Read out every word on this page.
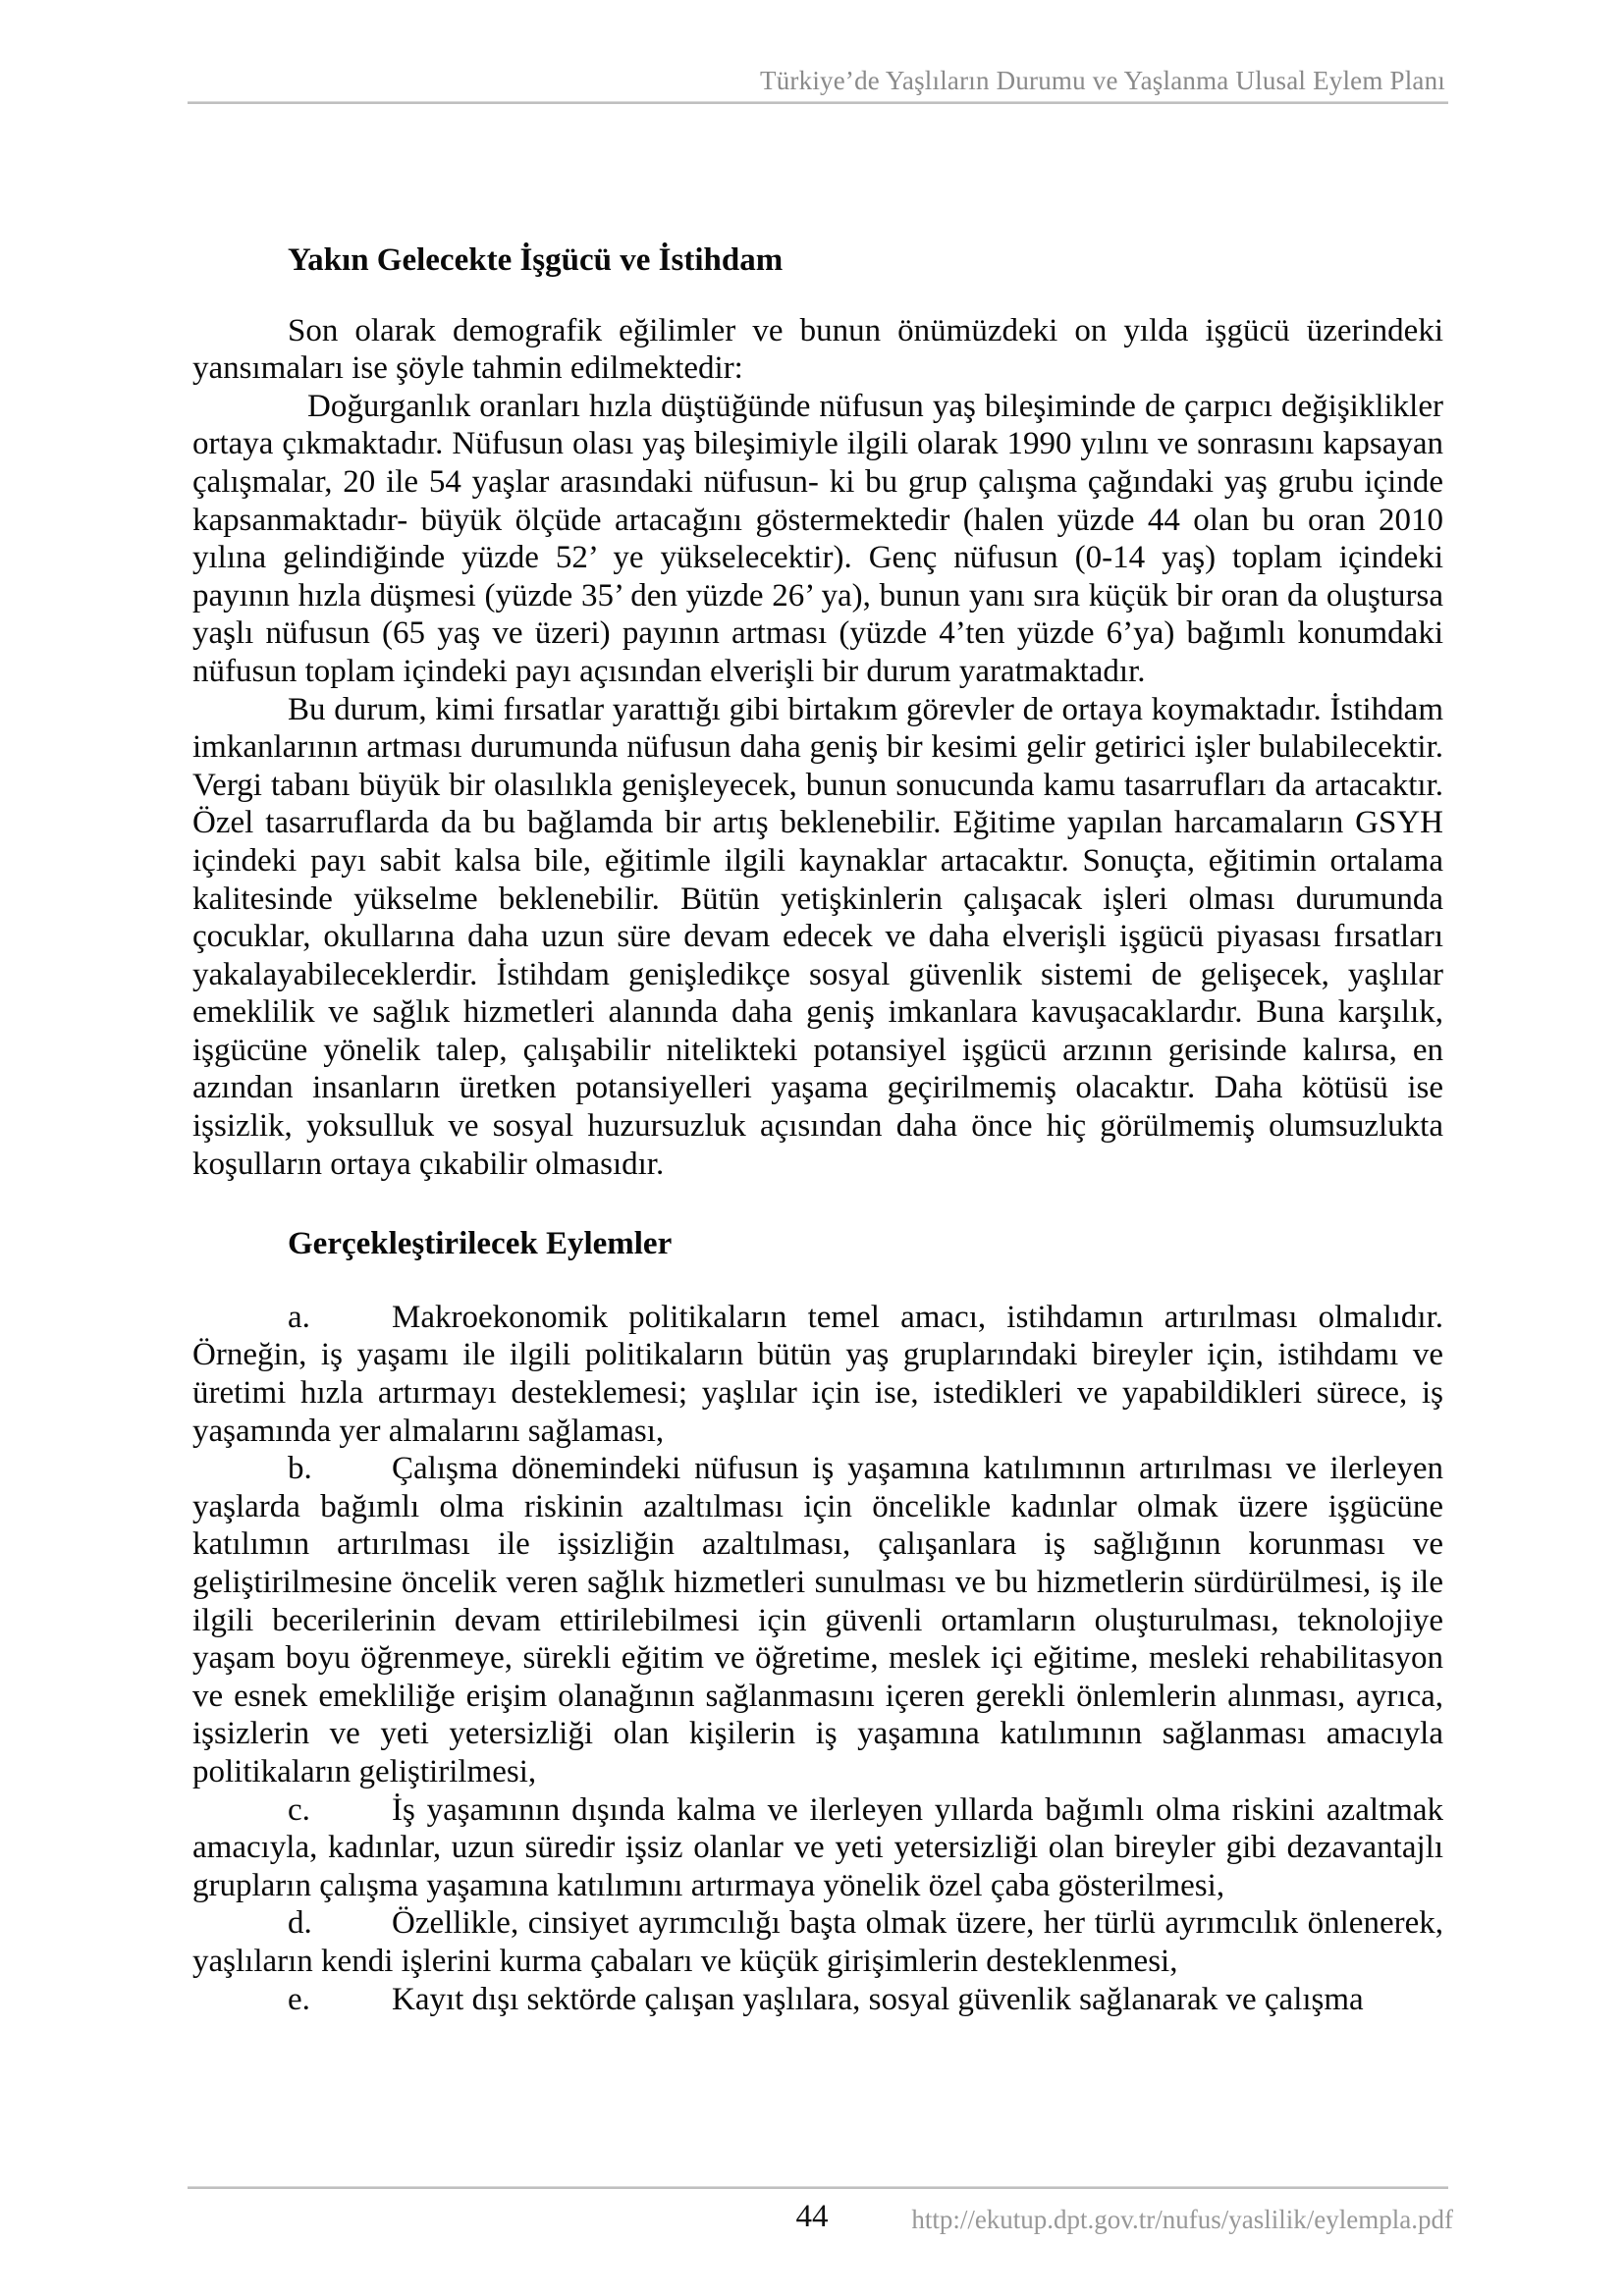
Türkiye’de Yaşlıların Durumu ve Yaşlanma Ulusal Eylem Planı
Yakın Gelecekte İşgücü ve İstihdam

Son olarak demografik eğilimler ve bunun önümüzdeki on yılda işgücü üzerindeki yansımaları ise şöyle tahmin edilmektedir:

Doğurganlık oranları hızla düştüğünde nüfusun yaş bileşiminde de çarpıcı değişiklikler ortaya çıkmaktadır. Nüfusun olası yaş bileşimiyle ilgili olarak 1990 yılını ve sonrasını kapsayan çalışmalar, 20 ile 54 yaşlar arasındaki nüfusun- ki bu grup çalışma çağındaki yaş grubu içinde kapsanmaktadır- büyük ölçüde artacağını göstermektedir (halen yüzde 44 olan bu oran 2010 yılına gelindiğinde yüzde 52’ ye yükselecektir). Genç nüfusun (0-14 yaş) toplam içindeki payının hızla düşmesi (yüzde 35’ den yüzde 26’ ya), bunun yanı sıra küçük bir oran da oluştursa yaşlı nüfusun (65 yaş ve üzeri) payının artması (yüzde 4’ten yüzde 6’ya) bağımlı konumdaki nüfusun toplam içindeki payı açısından elverişli bir durum yaratmaktadır.

Bu durum, kimi fırsatlar yarattığı gibi birtakım görevler de ortaya koymaktadır. İstihdam imkanlarının artması durumunda nüfusun daha geniş bir kesimi gelir getirici işler bulabilecektir. Vergi tabanı büyük bir olasılıkla genişleyecek, bunun sonucunda kamu tasarrufları da artacaktır. Özel tasarruflarda da bu bağlamda bir artış beklenebilir. Eğitime yapılan harcamaların GSYH içindeki payı sabit kalsa bile, eğitimle ilgili kaynaklar artacaktır. Sonuçta, eğitimin ortalama kalitesinde yükselme beklenebilir. Bütün yetişkinlerin çalışacak işleri olması durumunda çocuklar, okullarına daha uzun süre devam edecek ve daha elverişli işgücü piyasası fırsatları yakalayabileceklerdir. İstihdam genişledikçe sosyal güvenlik sistemi de gelişecek, yaşlılar emeklilik ve sağlık hizmetleri alanında daha geniş imkanlara kavuşacaklardır. Buna karşılık, işgücüne yönelik talep, çalışabilir nitelikteki potansiyel işgücü arzının gerisinde kalırsa, en azından insanların üretken potansiyelleri yaşama geçirilmemiş olacaktır. Daha kötüsü ise işsizlik, yoksulluk ve sosyal huzursuzluk açısından daha önce hiç görülmemiş olumsuzlukta koşulların ortaya çıkabilir olmasıdır.

Gerçekleştirilecek Eylemler

a.	Makroekonomik politikaların temel amacı, istihdamın artırılması olmalıdır. Örneğin, iş yaşamı ile ilgili politikaların bütün yaş gruplarındaki bireyler için, istihdamı ve üretimi hızla artırmayı desteklemesi; yaşlılar için ise, istedikleri ve yapabildikleri sürece, iş yaşamında yer almalarını sağlaması,

b. Çalışma dönemindeki nüfusun iş yaşamına katılımının artırılması ve ilerleyen yaşlarda bağımlı olma riskinin azaltılması için öncelikle kadınlar olmak üzere işgücüne katılımın artırılması ile işsizliğin azaltılması, çalışanlara iş sağlığının korunması ve geliştirilmesine öncelik veren sağlık hizmetleri sunulması ve bu hizmetlerin sürdürülmesi, iş ile ilgili becerilerinin devam ettirilebilmesi için güvenli ortamların oluşturulması, teknolojiye yaşam boyu öğrenmeye, sürekli eğitim ve öğretime, meslek içi eğitime, mesleki rehabilitasyon ve esnek emekliliğe erişim olanağının sağlanmasını içeren gerekli önlemlerin alınması, ayrıca, işsizlerin ve yeti yetersizliği olan kişilerin iş yaşamına katılımının sağlanması amacıyla politikaların geliştirilmesi,

c.	İş yaşamının dışında kalma ve ilerleyen yıllarda bağımlı olma riskini azaltmak amacıyla, kadınlar, uzun süredir işsiz olanlar ve yeti yetersizliği olan bireyler gibi dezavantajlı grupların çalışma yaşamına katılımını artırmaya yönelik özel çaba gösterilmesi,

d. Özellikle, cinsiyet ayrımcılığı başta olmak üzere, her türlü ayrımcılık önlenerek, yaşlıların kendi işlerini kurma çabaları ve küçük girişimlerin desteklenmesi,

e.	Kayıt dışı sektörde çalışan yaşlılara, sosyal güvenlik sağlanarak ve çalışma

44	http://ekutup.dpt.gov.tr/nufus/yaslilik/eylempla.pdf
